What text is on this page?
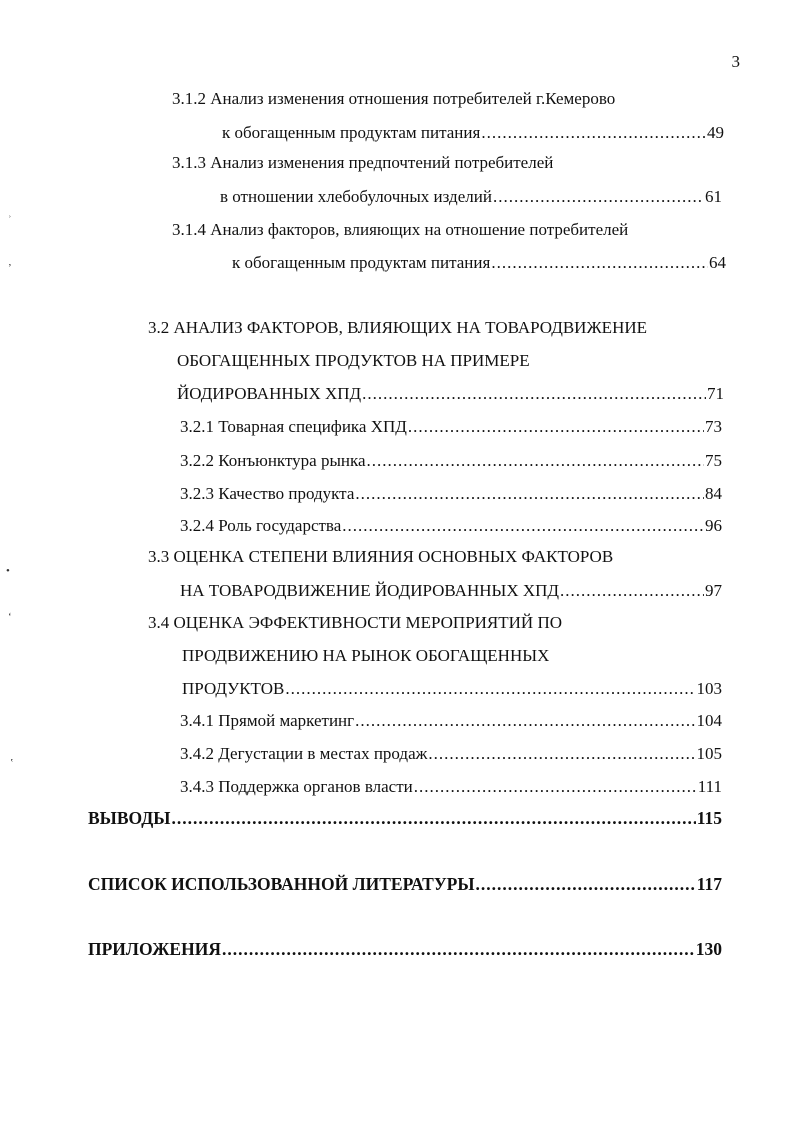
3
ʾ
ʼ
•
ʻ
ʽ
3.1.2 Анализ изменения отношения потребителей г.Кемерово
к обогащенным продуктам питания .....	49
3.1.3 Анализ изменения предпочтений потребителей
в отношении хлебобулочных изделий .....	61
3.1.4 Анализ факторов, влияющих на отношение потребителей
к обогащенным продуктам питания .....	64
3.2 АНАЛИЗ ФАКТОРОВ, ВЛИЯЮЩИХ НА ТОВАРОДВИЖЕНИЕ
ОБОГАЩЕННЫХ ПРОДУКТОВ НА ПРИМЕРЕ
ЙОДИРОВАННЫХ ХПД .....	71
3.2.1 Товарная специфика ХПД .....	73
3.2.2 Конъюнктура рынка .....	75
3.2.3 Качество продукта .....	84
3.2.4 Роль государства .....	96
3.3 ОЦЕНКА СТЕПЕНИ ВЛИЯНИЯ ОСНОВНЫХ ФАКТОРОВ
НА ТОВАРОДВИЖЕНИЕ ЙОДИРОВАННЫХ ХПД .....	97
3.4 ОЦЕНКА ЭФФЕКТИВНОСТИ МЕРОПРИЯТИЙ ПО
ПРОДВИЖЕНИЮ НА РЫНОК ОБОГАЩЕННЫХ
ПРОДУКТОВ .....	103
3.4.1 Прямой маркетинг .....	104
3.4.2 Дегустации в местах продаж .....	105
3.4.3 Поддержка органов власти .....	111
ВЫВОДЫ .....	115
СПИСОК ИСПОЛЬЗОВАННОЙ ЛИТЕРАТУРЫ .....	117
ПРИЛОЖЕНИЯ .....	130
